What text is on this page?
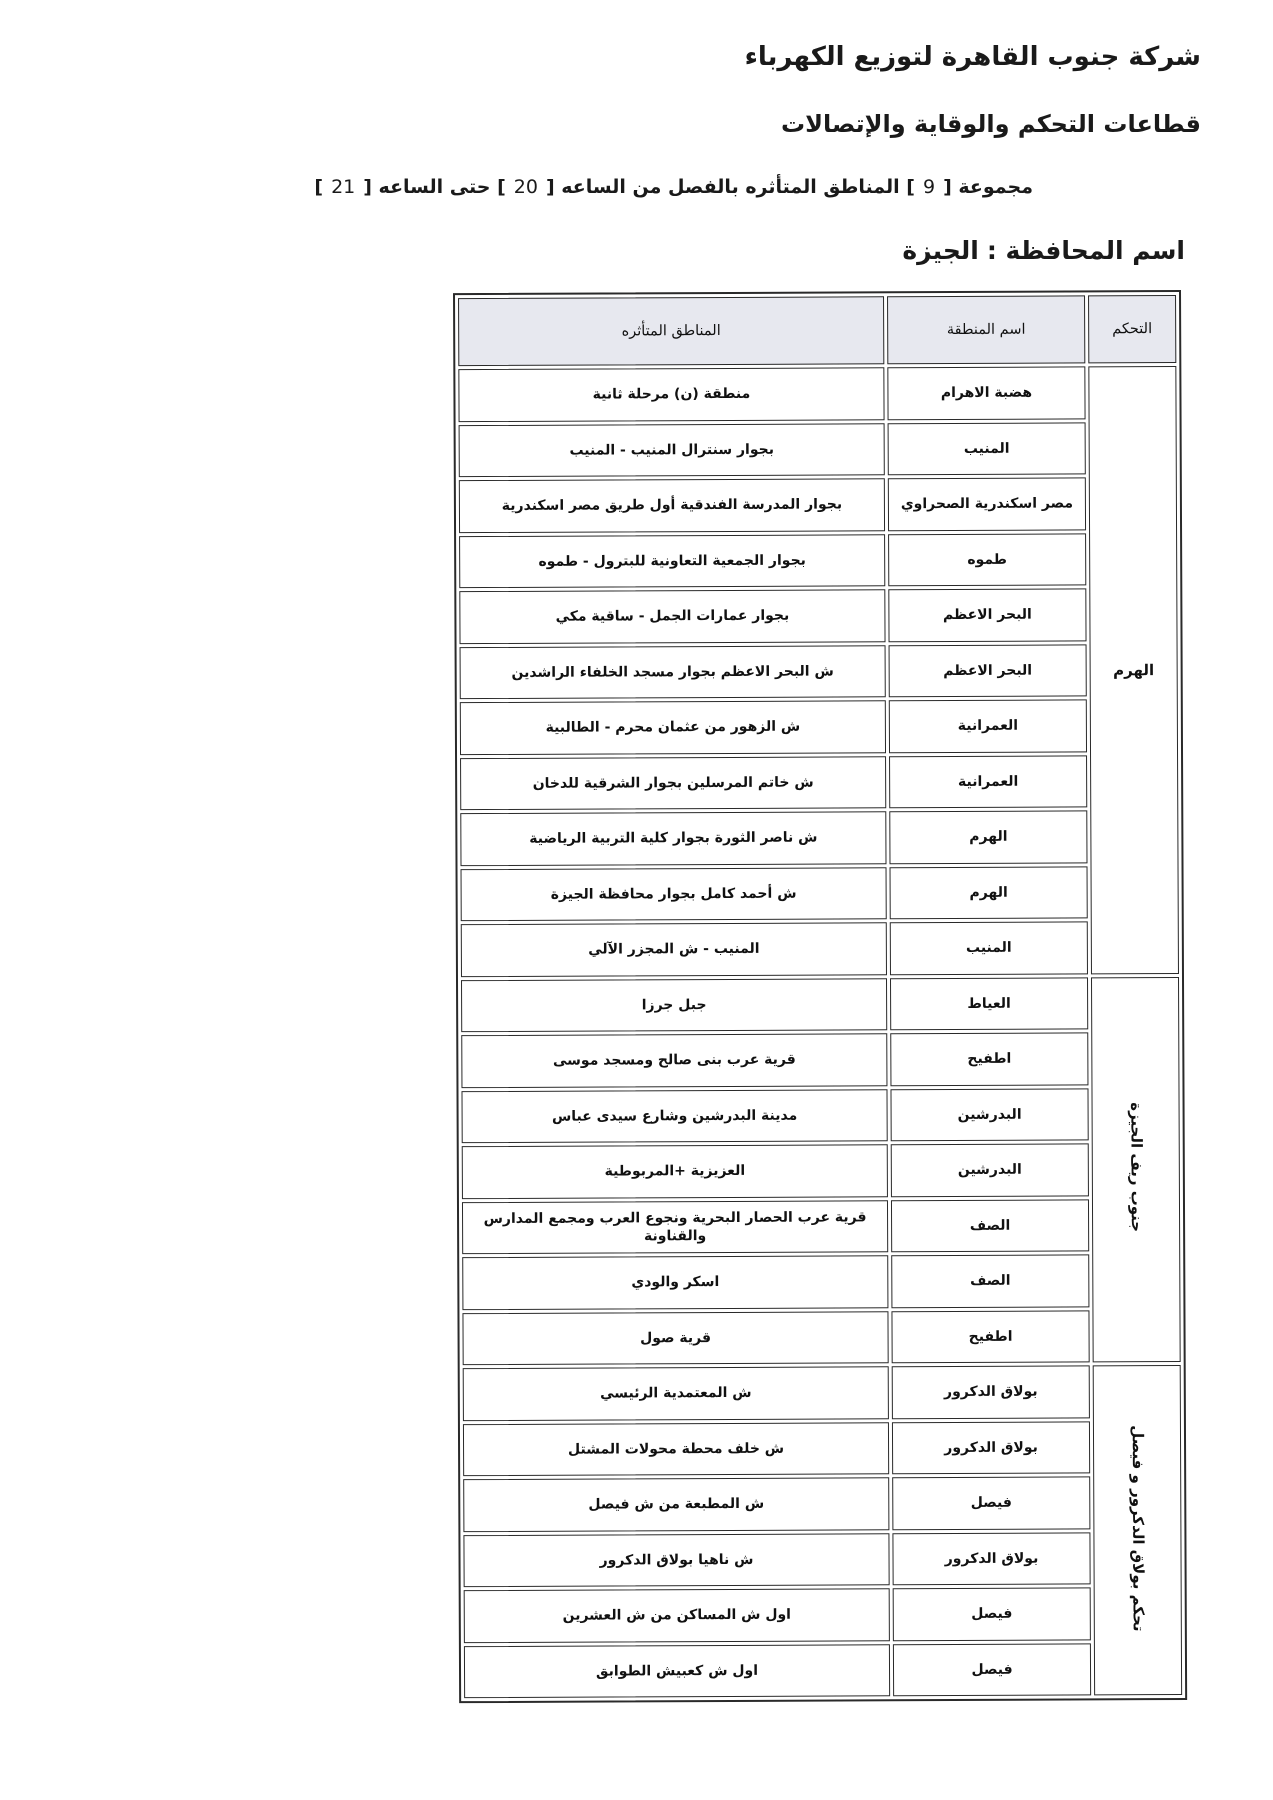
شركة جنوب القاهرة لتوزيع الكهرباء
قطاعات التحكم والوقاية والإتصالات
مجموعة [
9
] المناطق المتأثره بالفصل من الساعه [
20
] حتى الساعه [
21
]
اسم المحافظة :
الجيزة
التحكم	اسم المنطقة	المناطق المتأثره
الهرم	هضبة الاهرام	منطقة (ن) مرحلة ثانية
	المنيب	بجوار سنترال المنيب - المنيب
	مصر اسكندرية الصحراوي	بجوار المدرسة الفندقية أول طريق مصر اسكندرية
	طموه	بجوار الجمعية التعاونية للبترول - طموه
	البحر الاعظم	بجوار عمارات الجمل - ساقية مكي
	البحر الاعظم	ش البحر الاعظم بجوار مسجد الخلفاء الراشدين
	العمرانية	ش الزهور من عثمان محرم - الطالبية
	العمرانية	ش خاتم المرسلين بجوار الشرقية للدخان
	الهرم	ش ناصر الثورة بجوار كلية التربية الرياضية
	الهرم	ش أحمد كامل بجوار محافظة الجيزة
	المنيب	المنيب - ش المجزر الآلي
جنوب ريف الجيزة	العياط	جبل جرزا
	اطفيح	قرية عرب بنى صالح ومسجد موسى
	البدرشين	مدينة البدرشين وشارع سيدى عباس
	البدرشين	العزيزية +المربوطية
	الصف	قرية عرب الحصار البحرية ونجوع العرب ومجمع المدارس والقناونة
	الصف	اسكر والودي
	اطفيح	قرية صول
تحكم بولاق الدكرور و فيصل	بولاق الدكرور	ش المعتمدية الرئيسي
	بولاق الدكرور	ش خلف محطة محولات المشتل
	فيصل	ش المطبعة من ش فيصل
	بولاق الدكرور	ش ناهيا بولاق الدكرور
	فيصل	اول ش المساكن من ش العشرين
	فيصل	اول ش كعبيش الطوابق
